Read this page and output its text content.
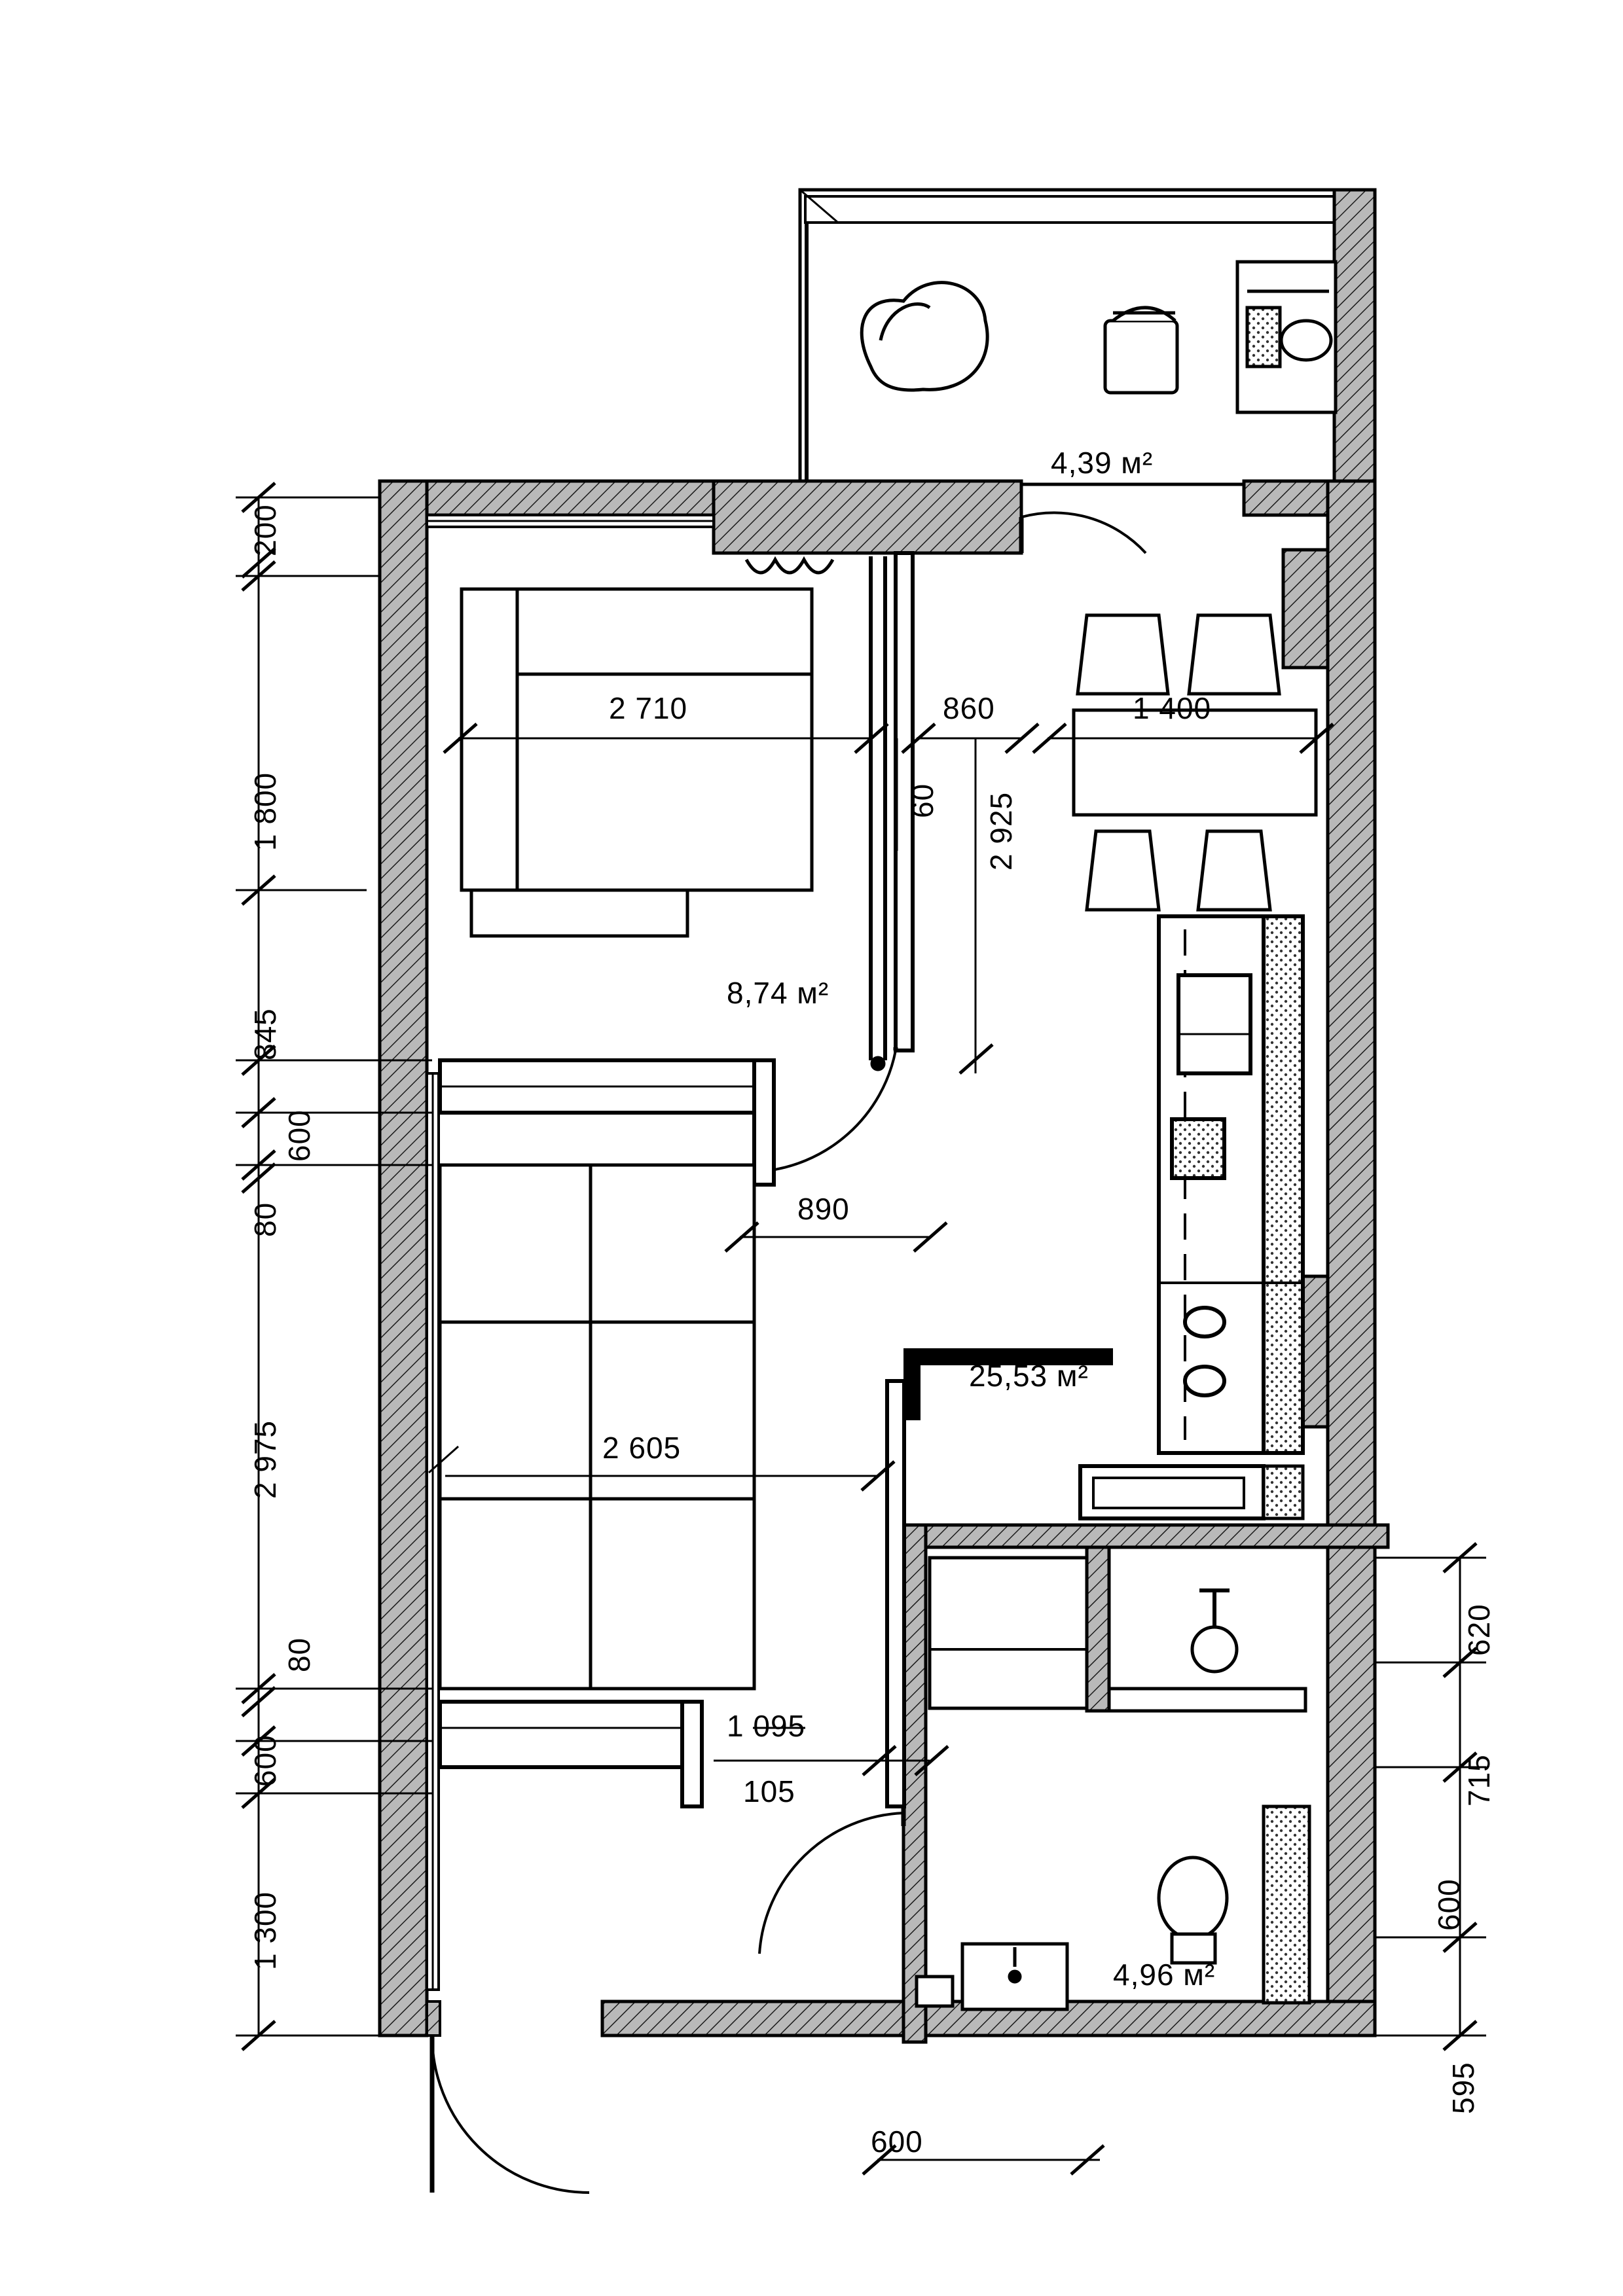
4,39 м²
8,74 м²
25,53 м²
4,96 м²
200
1 800
845
600
80
2 975
80
600
1 300
620
715
600
595
2 710	860
60 2 925
1 400
890
2 605
1 095
105
600
